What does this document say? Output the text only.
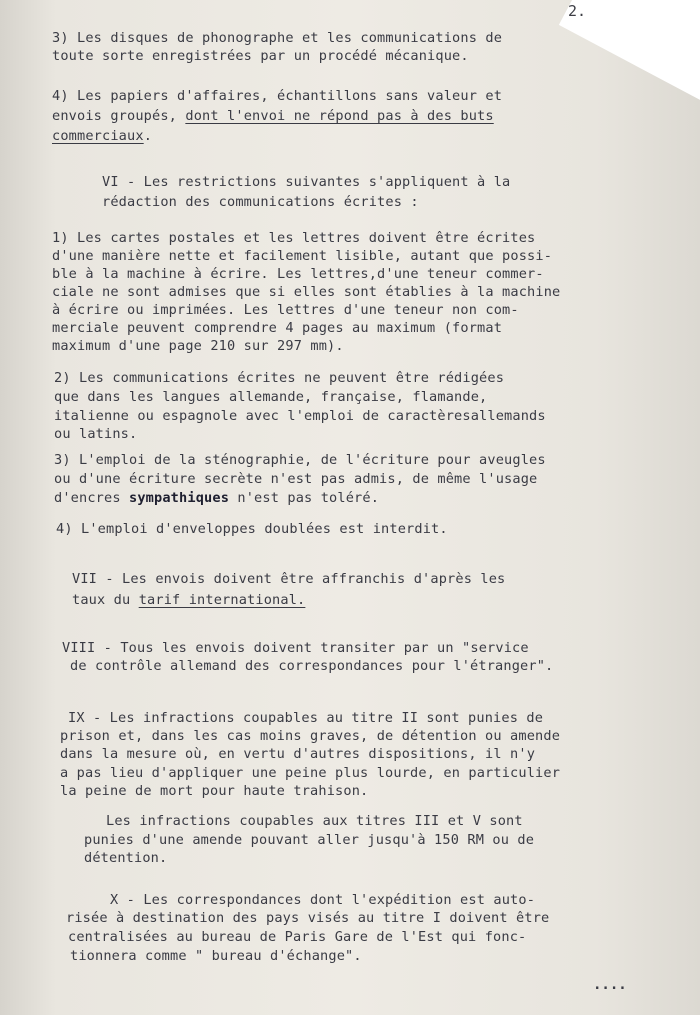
2.
3) Les disques de phonographe et les communications de
toute sorte enregistrées par un procédé mécanique.
4) Les papiers d'affaires, échantillons sans valeur et
envois groupés, dont l'envoi ne répond pas à des buts
commerciaux.
VI - Les restrictions suivantes s'appliquent à la
rédaction des communications écrites :
1) Les cartes postales et les lettres doivent être écrites
d'une manière nette et facilement lisible, autant que possi-
ble à la machine à écrire. Les lettres,d'une teneur commer-
ciale ne sont admises que si elles sont établies à la machine
à écrire ou imprimées. Les lettres d'une teneur non com-
merciale peuvent comprendre 4 pages au maximum (format
maximum d'une page 210 sur 297 mm).
2) Les communications écrites ne peuvent être rédigées
que dans les langues allemande, française, flamande,
italienne ou espagnole avec l'emploi de caractèresallemands
ou latins.
3) L'emploi de la sténographie, de l'écriture pour aveugles
ou d'une écriture secrète n'est pas admis, de même l'usage
d'encres sympathiques n'est pas toléré.
4) L'emploi d'enveloppes doublées est interdit.
VII - Les envois doivent être affranchis d'après les
taux du tarif international.
VIII - Tous les envois doivent transiter par un "service
de contrôle allemand des correspondances pour l'étranger".
IX - Les infractions coupables au titre II sont punies de
prison et, dans les cas moins graves, de détention ou amende
dans la mesure où, en vertu d'autres dispositions, il n'y
a pas lieu d'appliquer une peine plus lourde, en particulier
la peine de mort pour haute trahison.
Les infractions coupables aux titres III et V sont
punies d'une amende pouvant aller jusqu'à 150 RM ou de
détention.
X - Les correspondances dont l'expédition est auto-
risée à destination des pays visés au titre I doivent être
centralisées au bureau de Paris Gare de l'Est qui fonc-
tionnera comme " bureau d'échange".
....
